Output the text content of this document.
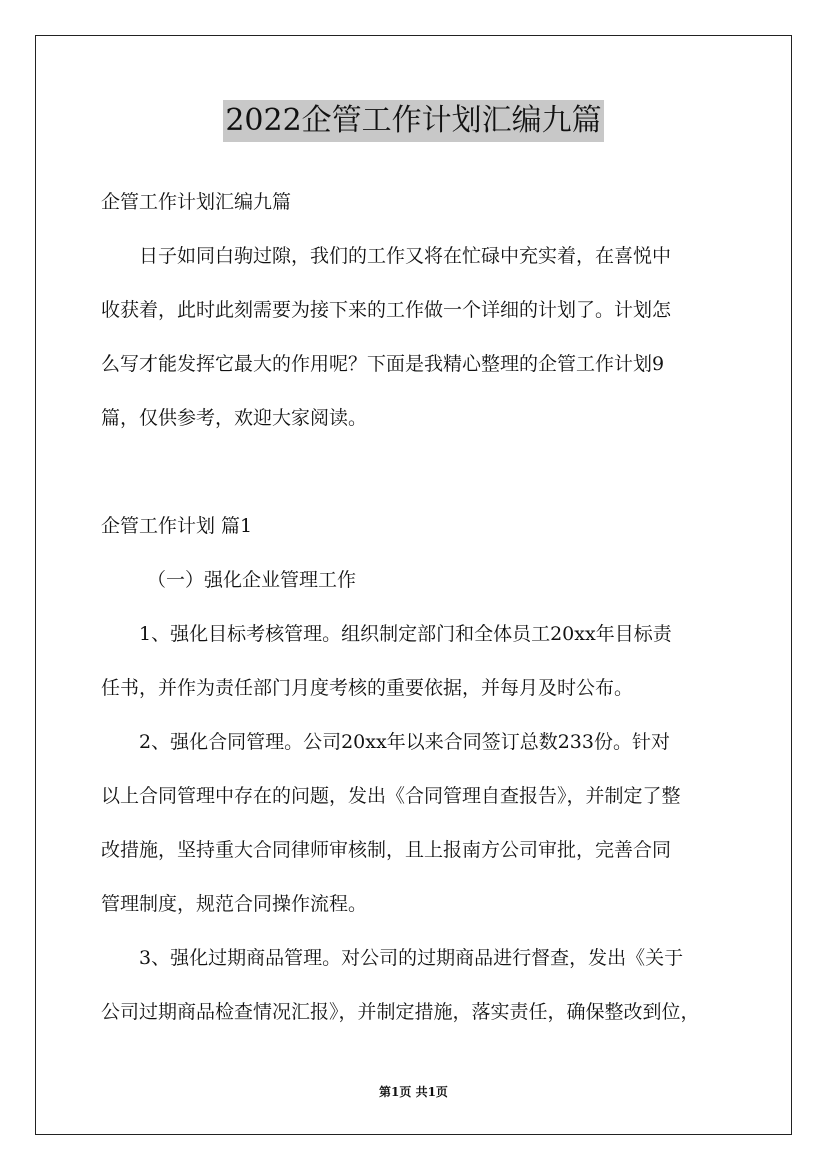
2022企管工作计划汇编九篇
企管工作计划汇编九篇
日子如同白驹过隙，我们的工作又将在忙碌中充实着，在喜悦中
收获着，此时此刻需要为接下来的工作做一个详细的计划了。计划怎
么写才能发挥它最大的作用呢？下面是我精心整理的企管工作计划9
篇，仅供参考，欢迎大家阅读。
企管工作计划 篇1
（一）强化企业管理工作
1、强化目标考核管理。组织制定部门和全体员工20xx年目标责
任书，并作为责任部门月度考核的重要依据，并每月及时公布。
2、强化合同管理。公司20xx年以来合同签订总数233份。针对
以上合同管理中存在的问题，发出《合同管理自查报告》，并制定了整
改措施，坚持重大合同律师审核制，且上报南方公司审批，完善合同
管理制度，规范合同操作流程。
3、强化过期商品管理。对公司的过期商品进行督查，发出《关于
公司过期商品检查情况汇报》，并制定措施，落实责任，确保整改到位，
第1页 共1页
